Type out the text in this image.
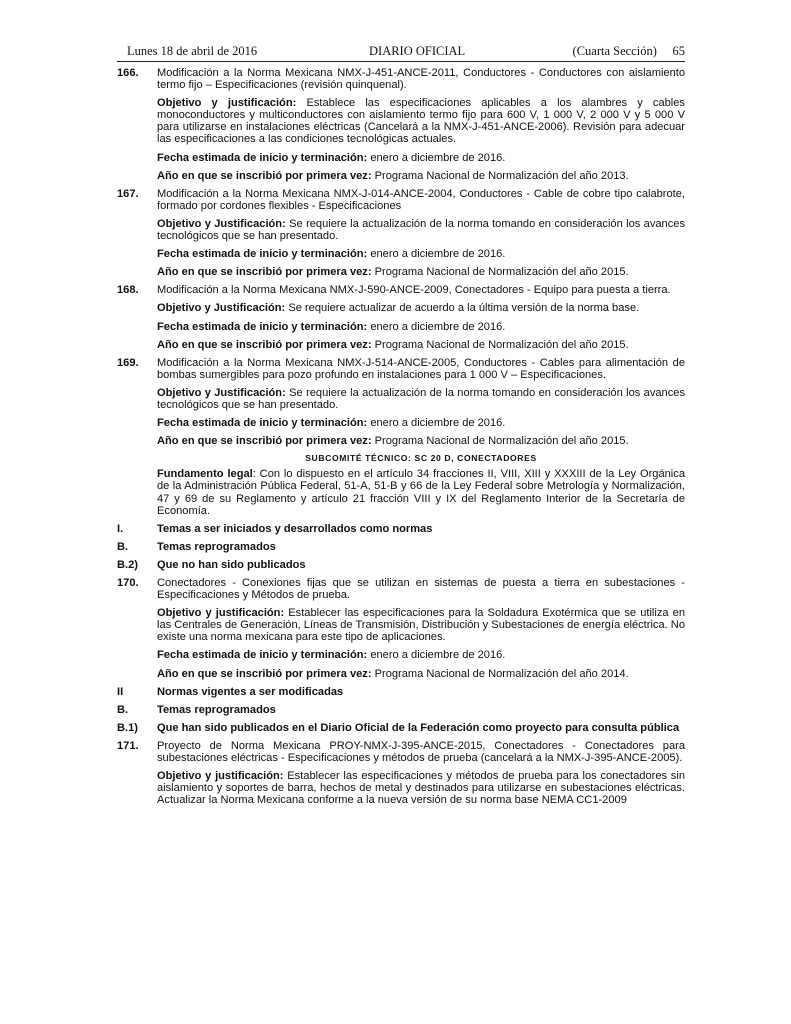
Lunes 18 de abril de 2016	DIARIO OFICIAL	(Cuarta Sección)     65
166. Modificación a la Norma Mexicana NMX-J-451-ANCE-2011, Conductores - Conductores con aislamiento termo fijo – Especificaciones (revisión quinquenal).
Objetivo y justificación: Establece las especificaciones aplicables a los alambres y cables monoconductores y multiconductores con aislamiento termo fijo para 600 V, 1 000 V, 2 000 V y 5 000 V para utilizarse en instalaciones eléctricas (Cancelará a la NMX-J-451-ANCE-2006). Revisión para adecuar las especificaciones a las condiciones tecnológicas actuales.
Fecha estimada de inicio y terminación: enero a diciembre de 2016.
Año en que se inscribió por primera vez: Programa Nacional de Normalización del año 2013.
167. Modificación a la Norma Mexicana NMX-J-014-ANCE-2004, Conductores - Cable de cobre tipo calabrote, formado por cordones flexibles - Especificaciones
Objetivo y Justificación: Se requiere la actualización de la norma tomando en consideración los avances tecnológicos que se han presentado.
Fecha estimada de inicio y terminación: enero a diciembre de 2016.
Año en que se inscribió por primera vez: Programa Nacional de Normalización del año 2015.
168. Modificación a la Norma Mexicana NMX-J-590-ANCE-2009, Conectadores - Equipo para puesta a tierra.
Objetivo y Justificación: Se requiere actualizar de acuerdo a la última versión de la norma base.
Fecha estimada de inicio y terminación: enero a diciembre de 2016.
Año en que se inscribió por primera vez: Programa Nacional de Normalización del año 2015.
169. Modificación a la Norma Mexicana NMX-J-514-ANCE-2005, Conductores - Cables para alimentación de bombas sumergibles para pozo profundo en instalaciones para 1 000 V – Especificaciones.
Objetivo y Justificación: Se requiere la actualización de la norma tomando en consideración los avances tecnológicos que se han presentado.
Fecha estimada de inicio y terminación: enero a diciembre de 2016.
Año en que se inscribió por primera vez: Programa Nacional de Normalización del año 2015.
SUBCOMITÉ TÉCNICO: SC 20 D, CONECTADORES
Fundamento legal: Con lo dispuesto en el artículo 34 fracciones II, VIII, XIII y XXXIII de la Ley Orgánica de la Administración Pública Federal, 51-A, 51-B y 66 de la Ley Federal sobre Metrología y Normalización, 47 y 69 de su Reglamento y artículo 21 fracción VIII y IX del Reglamento Interior de la Secretaría de Economía.
I.	Temas a ser iniciados y desarrollados como normas
B.	Temas reprogramados
B.2) Que no han sido publicados
170. Conectadores - Conexiones fijas que se utilizan en sistemas de puesta a tierra en subestaciones - Especificaciones y Métodos de prueba.
Objetivo y justificación: Establecer las especificaciones para la Soldadura Exotérmica que se utiliza en las Centrales de Generación, Líneas de Transmisión, Distribución y Subestaciones de energía eléctrica. No existe una norma mexicana para este tipo de aplicaciones.
Fecha estimada de inicio y terminación: enero a diciembre de 2016.
Año en que se inscribió por primera vez: Programa Nacional de Normalización del año 2014.
II	Normas vigentes a ser modificadas
B.	Temas reprogramados
B.1) Que han sido publicados en el Diario Oficial de la Federación como proyecto para consulta pública
171. Proyecto de Norma Mexicana PROY-NMX-J-395-ANCE-2015, Conectadores - Conectadores para subestaciones eléctricas - Especificaciones y métodos de prueba (cancelará a la NMX-J-395-ANCE-2005).
Objetivo y justificación: Establecer las especificaciones y métodos de prueba para los conectadores sin aislamiento y soportes de barra, hechos de metal y destinados para utilizarse en subestaciones eléctricas. Actualizar la Norma Mexicana conforme a la nueva versión de su norma base NEMA CC1-2009
